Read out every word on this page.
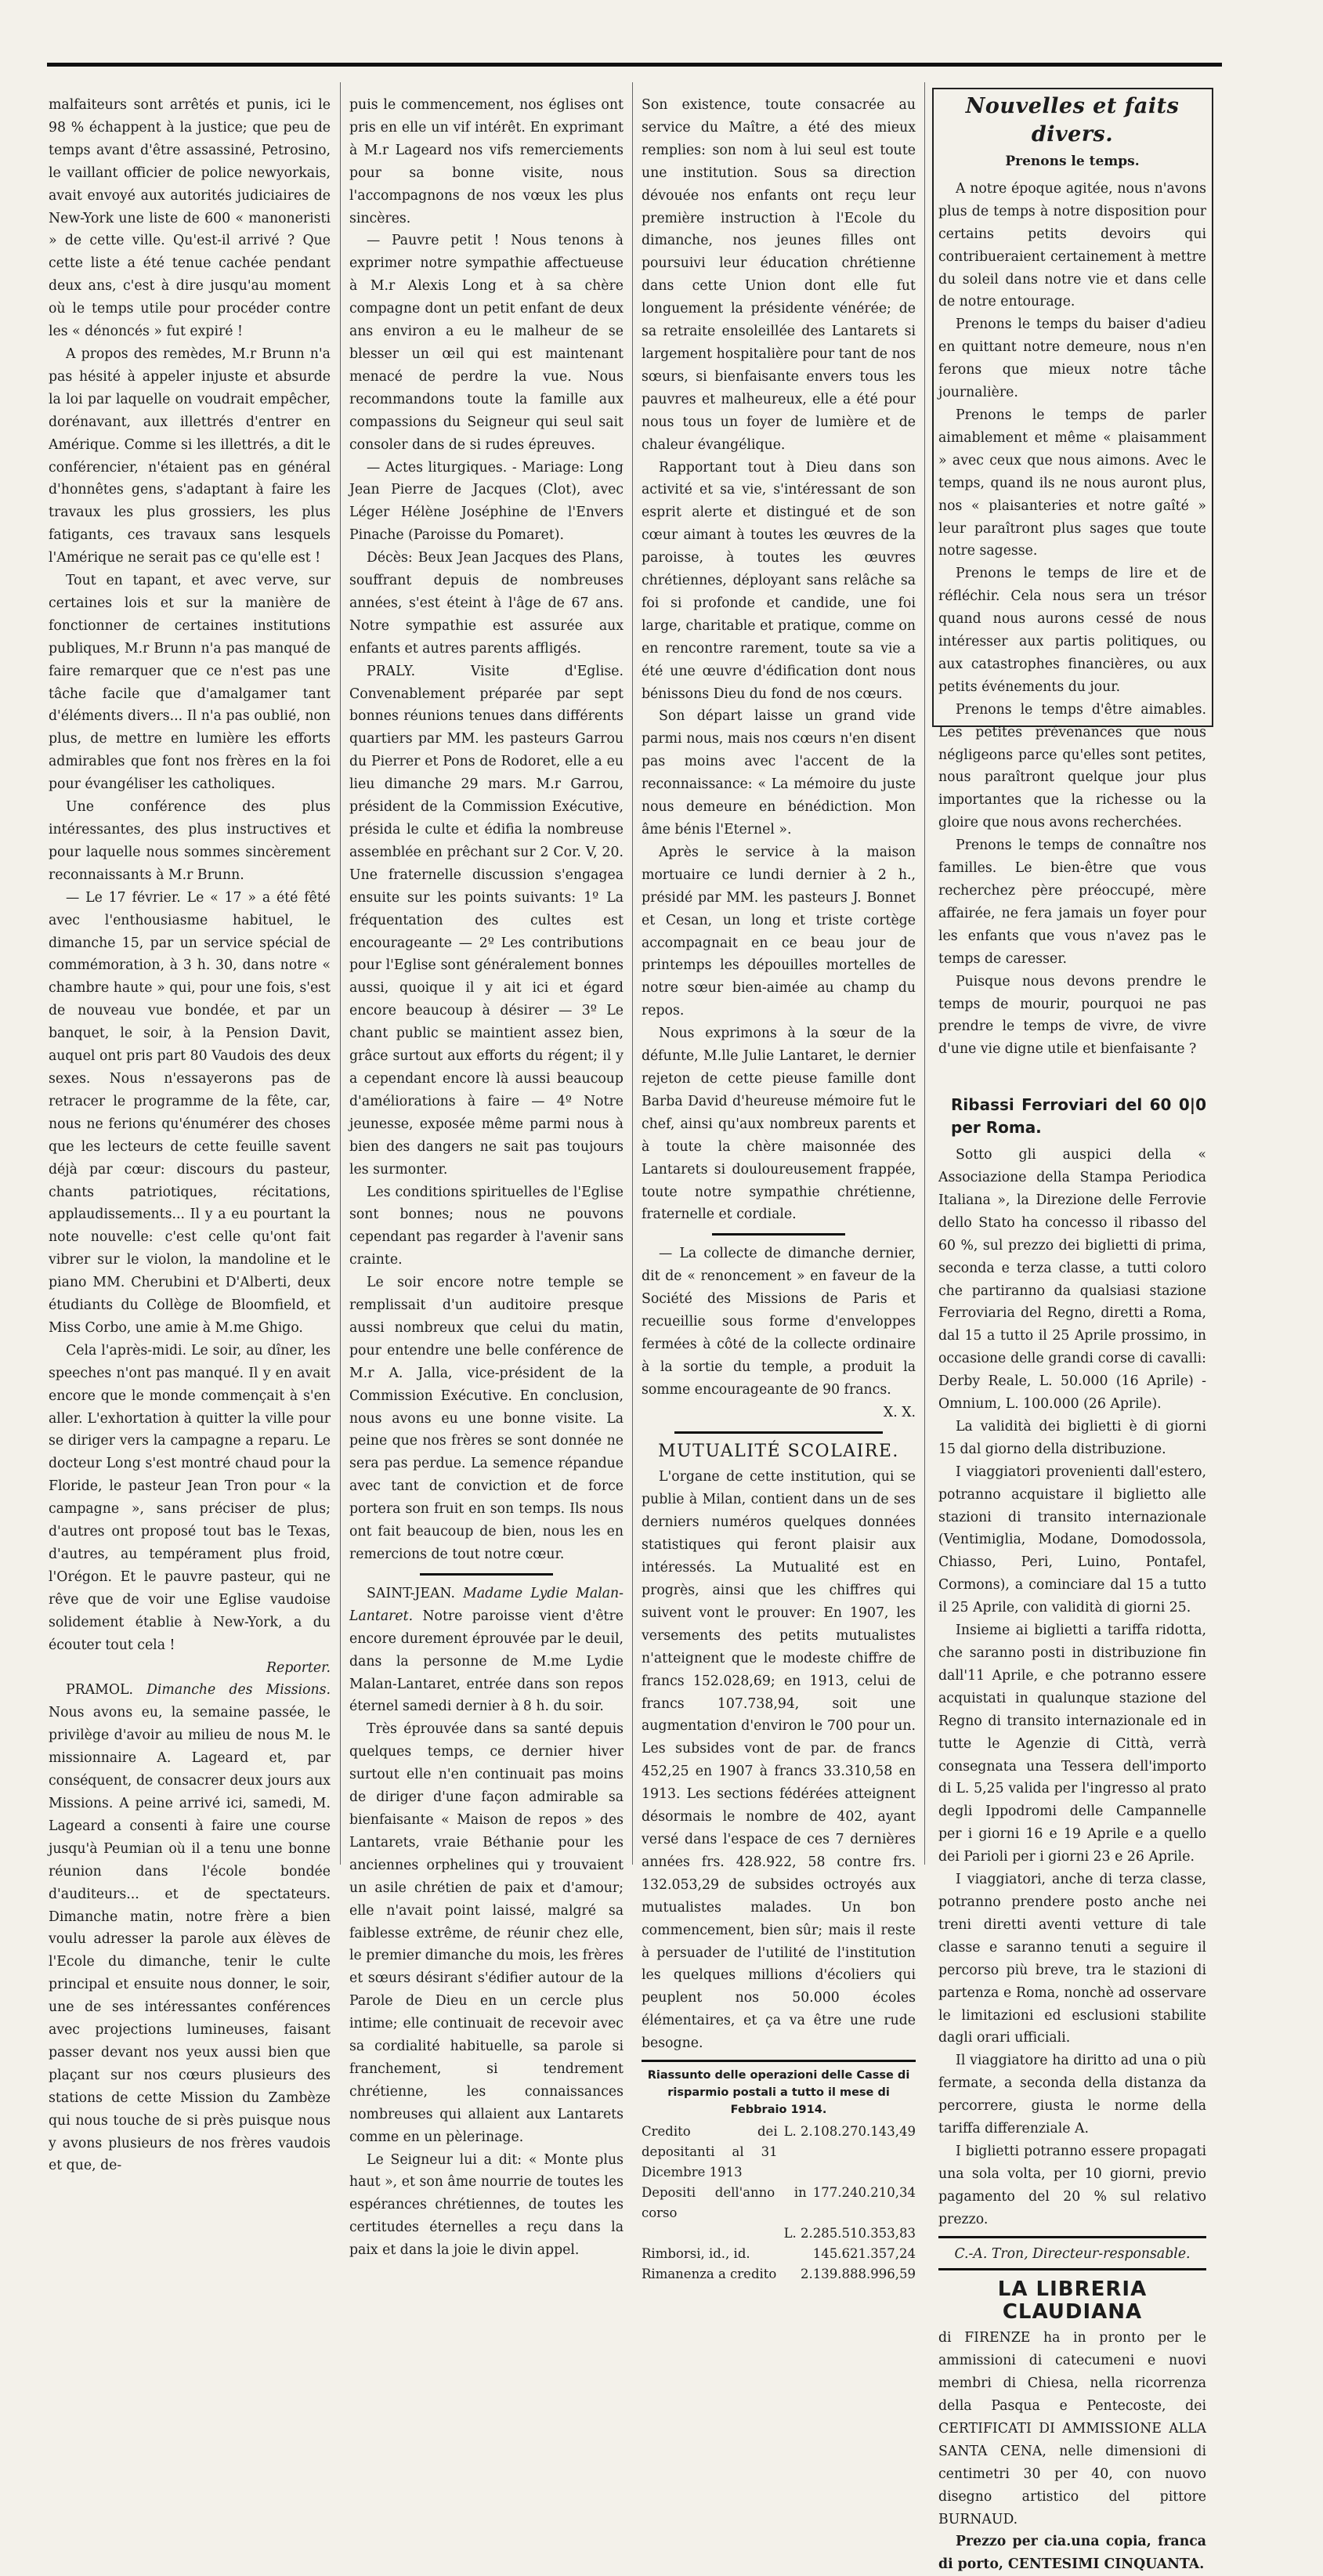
malfaiteurs sont arrêtés et punis, ici le 98 % échappent à la justice; que peu de temps avant d'être assassiné, Petrosino, le vaillant officier de police newyorkais, avait envoyé aux autorités judiciaires de New-York une liste de 600 « manoneristi » de cette ville. Qu'est-il arrivé ? Que cette liste a été tenue cachée pendant deux ans, c'est à dire jusqu'au moment où le temps utile pour procéder contre les « dénoncés » fut expiré !

A propos des remèdes, M.r Brunn n'a pas hésité à appeler injuste et absurde la loi par laquelle on voudrait empêcher, dorénavant, aux illettrés d'entrer en Amérique. Comme si les illettrés, a dit le conférencier, n'étaient pas en général d'honnêtes gens, s'adaptant à faire les travaux les plus grossiers, les plus fatigants, ces travaux sans lesquels l'Amérique ne serait pas ce qu'elle est !

Tout en tapant, et avec verve, sur certaines lois et sur la manière de fonctionner de certaines institutions publiques, M.r Brunn n'a pas manqué de faire remarquer que ce n'est pas une tâche facile que d'amalgamer tant d'éléments divers... Il n'a pas oublié, non plus, de mettre en lumière les efforts admirables que font nos frères en la foi pour évangéliser les catholiques.

Une conférence des plus intéressantes, des plus instructives et pour laquelle nous sommes sincèrement reconnaissants à M.r Brunn.

— Le 17 février. Le « 17 » a été fêté avec l'enthousiasme habituel, le dimanche 15, par un service spécial de commémoration, à 3 h. 30, dans notre « chambre haute » qui, pour une fois, s'est de nouveau vue bondée, et par un banquet, le soir, à la Pension Davit, auquel ont pris part 80 Vaudois des deux sexes. Nous n'essayerons pas de retracer le programme de la fête, car, nous ne ferions qu'énumérer des choses que les lecteurs de cette feuille savent déjà par cœur: discours du pasteur, chants patriotiques, récitations, applaudissements... Il y a eu pourtant la note nouvelle: c'est celle qu'ont fait vibrer sur le violon, la mandoline et le piano MM. Cherubini et D'Alberti, deux étudiants du Collège de Bloomfield, et Miss Corbo, une amie à M.me Ghigo.

Cela l'après-midi. Le soir, au dîner, les speeches n'ont pas manqué. Il y en avait encore que le monde commençait à s'en aller. L'exhortation à quitter la ville pour se diriger vers la campagne a reparu. Le docteur Long s'est montré chaud pour la Floride, le pasteur Jean Tron pour « la campagne », sans préciser de plus; d'autres ont proposé tout bas le Texas, d'autres, au tempérament plus froid, l'Orégon. Et le pauvre pasteur, qui ne rêve que de voir une Eglise vaudoise solidement établie à New-York, a du écouter tout cela !

Reporter.

PRAMOL. Dimanche des Missions. Nous avons eu, la semaine passée, le privilège d'avoir au milieu de nous M. le missionnaire A. Lageard et, par conséquent, de consacrer deux jours aux Missions. A peine arrivé ici, samedi, M. Lageard a consenti à faire une course jusqu'à Peumian où il a tenu une bonne réunion dans l'école bondée d'auditeurs... et de spectateurs. Dimanche matin, notre frère a bien voulu adresser la parole aux élèves de l'Ecole du dimanche, tenir le culte principal et ensuite nous donner, le soir, une de ses intéressantes conférences avec projections lumineuses, faisant passer devant nos yeux aussi bien que plaçant sur nos cœurs plusieurs des stations de cette Mission du Zambèze qui nous touche de si près puisque nous y avons plusieurs de nos frères vaudois et que, de-

puis le commencement, nos églises ont pris en elle un vif intérêt. En exprimant à M.r Lageard nos vifs remerciements pour sa bonne visite, nous l'accompagnons de nos vœux les plus sincères.

— Pauvre petit ! Nous tenons à exprimer notre sympathie affectueuse à M.r Alexis Long et à sa chère compagne dont un petit enfant de deux ans environ a eu le malheur de se blesser un œil qui est maintenant menacé de perdre la vue. Nous recommandons toute la famille aux compassions du Seigneur qui seul sait consoler dans de si rudes épreuves.

— Actes liturgiques. - Mariage: Long Jean Pierre de Jacques (Clot), avec Léger Hélène Joséphine de l'Envers Pinache (Paroisse du Pomaret).

Décès: Beux Jean Jacques des Plans, souffrant depuis de nombreuses années, s'est éteint à l'âge de 67 ans. Notre sympathie est assurée aux enfants et autres parents affligés.

PRALY. Visite d'Eglise. Convenablement préparée par sept bonnes réunions tenues dans différents quartiers par MM. les pasteurs Garrou du Pierrer et Pons de Rodoret, elle a eu lieu dimanche 29 mars. M.r Garrou, président de la Commission Exécutive, présida le culte et édifia la nombreuse assemblée en prêchant sur 2 Cor. V, 20. Une fraternelle discussion s'engagea ensuite sur les points suivants: 1º La fréquentation des cultes est encourageante — 2º Les contributions pour l'Eglise sont généralement bonnes aussi, quoique il y ait ici et égard encore beaucoup à désirer — 3º Le chant public se maintient assez bien, grâce surtout aux efforts du régent; il y a cependant encore là aussi beaucoup d'améliorations à faire — 4º Notre jeunesse, exposée même parmi nous à bien des dangers ne sait pas toujours les surmonter.

Les conditions spirituelles de l'Eglise sont bonnes; nous ne pouvons cependant pas regarder à l'avenir sans crainte.

Le soir encore notre temple se remplissait d'un auditoire presque aussi nombreux que celui du matin, pour entendre une belle conférence de M.r A. Jalla, vice-président de la Commission Exécutive. En conclusion, nous avons eu une bonne visite. La peine que nos frères se sont donnée ne sera pas perdue. La semence répandue avec tant de conviction et de force portera son fruit en son temps. Ils nous ont fait beaucoup de bien, nous les en remercions de tout notre cœur.

SAINT-JEAN. Madame Lydie Malan-Lantaret. Notre paroisse vient d'être encore durement éprouvée par le deuil, dans la personne de M.me Lydie Malan-Lantaret, entrée dans son repos éternel samedi dernier à 8 h. du soir.

Très éprouvée dans sa santé depuis quelques temps, ce dernier hiver surtout elle n'en continuait pas moins de diriger d'une façon admirable sa bienfaisante « Maison de repos » des Lantarets, vraie Béthanie pour les anciennes orphelines qui y trouvaient un asile chrétien de paix et d'amour; elle n'avait point laissé, malgré sa faiblesse extrême, de réunir chez elle, le premier dimanche du mois, les frères et sœurs désirant s'édifier autour de la Parole de Dieu en un cercle plus intime; elle continuait de recevoir avec sa cordialité habituelle, sa parole si franchement, si tendrement chrétienne, les connaissances nombreuses qui allaient aux Lantarets comme en un pèlerinage.

Le Seigneur lui a dit: « Monte plus haut », et son âme nourrie de toutes les espérances chrétiennes, de toutes les certitudes éternelles a reçu dans la paix et dans la joie le divin appel.

Son existence, toute consacrée au service du Maître, a été des mieux remplies: son nom à lui seul est toute une institution. Sous sa direction dévouée nos enfants ont reçu leur première instruction à l'Ecole du dimanche, nos jeunes filles ont poursuivi leur éducation chrétienne dans cette Union dont elle fut longuement la présidente vénérée; de sa retraite ensoleillée des Lantarets si largement hospitalière pour tant de nos sœurs, si bienfaisante envers tous les pauvres et malheureux, elle a été pour nous tous un foyer de lumière et de chaleur évangélique.

Rapportant tout à Dieu dans son activité et sa vie, s'intéressant de son esprit alerte et distingué et de son cœur aimant à toutes les œuvres de la paroisse, à toutes les œuvres chrétiennes, déployant sans relâche sa foi si profonde et candide, une foi large, charitable et pratique, comme on en rencontre rarement, toute sa vie a été une œuvre d'édification dont nous bénissons Dieu du fond de nos cœurs.

Son départ laisse un grand vide parmi nous, mais nos cœurs n'en disent pas moins avec l'accent de la reconnaissance: « La mémoire du juste nous demeure en bénédiction. Mon âme bénis l'Eternel ».

Après le service à la maison mortuaire ce lundi dernier à 2 h., présidé par MM. les pasteurs J. Bonnet et Cesan, un long et triste cortège accompagnait en ce beau jour de printemps les dépouilles mortelles de notre sœur bien-aimée au champ du repos.

Nous exprimons à la sœur de la défunte, M.lle Julie Lantaret, le dernier rejeton de cette pieuse famille dont Barba David d'heureuse mémoire fut le chef, ainsi qu'aux nombreux parents et à toute la chère maisonnée des Lantarets si douloureusement frappée, toute notre sympathie chrétienne, fraternelle et cordiale.

— La collecte de dimanche dernier, dit de « renoncement » en faveur de la Société des Missions de Paris et recueillie sous forme d'enveloppes fermées à côté de la collecte ordinaire à la sortie du temple, a produit la somme encourageante de 90 francs.

X. X.

MUTUALITÉ SCOLAIRE.

L'organe de cette institution, qui se publie à Milan, contient dans un de ses derniers numéros quelques données statistiques qui feront plaisir aux intéressés. La Mutualité est en progrès, ainsi que les chiffres qui suivent vont le prouver: En 1907, les versements des petits mutualistes n'atteignent que le modeste chiffre de francs 152.028,69; en 1913, celui de francs 107.738,94, soit une augmentation d'environ le 700 pour un. Les subsides vont de par. de francs 452,25 en 1907 à francs 33.310,58 en 1913. Les sections fédérées atteignent désormais le nombre de 402, ayant versé dans l'espace de ces 7 dernières années frs. 428.922, 58 contre frs. 132.053,29 de subsides octroyés aux mutualistes malades. Un bon commencement, bien sûr; mais il reste à persuader de l'utilité de l'institution les quelques millions d'écoliers qui peuplent nos 50.000 écoles élémentaires, et ça va être une rude besogne.

Riassunto delle operazioni delle Casse di risparmio postali a tutto il mese di Febbraio 1914.
Credito dei depositanti al 31 Dicembre 1913
L. 2.108.270.143,49
Depositi dell'anno in corso
177.240.210,34
L. 2.285.510.353,83
Rimborsi, id., id.	145.621.357,24
Rimanenza a credito	2.139.888.996,59
Nouvelles et faits divers.
Prenons le temps.

A notre époque agitée, nous n'avons plus de temps à notre disposition pour certains petits devoirs qui contribueraient certainement à mettre du soleil dans notre vie et dans celle de notre entourage.

Prenons le temps du baiser d'adieu en quittant notre demeure, nous n'en ferons que mieux notre tâche journalière.

Prenons le temps de parler aimablement et même « plaisamment » avec ceux que nous aimons. Avec le temps, quand ils ne nous auront plus, nos « plaisanteries et notre gaîté » leur paraîtront plus sages que toute notre sagesse.

Prenons le temps de lire et de réfléchir. Cela nous sera un trésor quand nous aurons cessé de nous intéresser aux partis politiques, ou aux catastrophes financières, ou aux petits événements du jour.

Prenons le temps d'être aimables. Les petites prévenances que nous négligeons parce qu'elles sont petites, nous paraîtront quelque jour plus importantes que la richesse ou la gloire que nous avons recherchées.

Prenons le temps de connaître nos familles. Le bien-être que vous recherchez père préoccupé, mère affairée, ne fera jamais un foyer pour les enfants que vous n'avez pas le temps de caresser.

Puisque nous devons prendre le temps de mourir, pourquoi ne pas prendre le temps de vivre, de vivre d'une vie digne utile et bienfaisante ?

Ribassi Ferroviari del 60 0|0 per Roma.

Sotto gli auspici della « Associazione della Stampa Periodica Italiana », la Direzione delle Ferrovie dello Stato ha concesso il ribasso del 60 %, sul prezzo dei biglietti di prima, seconda e terza classe, a tutti coloro che partiranno da qualsiasi stazione Ferroviaria del Regno, diretti a Roma, dal 15 a tutto il 25 Aprile prossimo, in occasione delle grandi corse di cavalli: Derby Reale, L. 50.000 (16 Aprile) - Omnium, L. 100.000 (26 Aprile).

La validità dei biglietti è di giorni 15 dal giorno della distribuzione.

I viaggiatori provenienti dall'estero, potranno acquistare il biglietto alle stazioni di transito internazionale (Ventimiglia, Modane, Domodossola, Chiasso, Peri, Luino, Pontafel, Cormons), a cominciare dal 15 a tutto il 25 Aprile, con validità di giorni 25.

Insieme ai biglietti a tariffa ridotta, che saranno posti in distribuzione fin dall'11 Aprile, e che potranno essere acquistati in qualunque stazione del Regno di transito internazionale ed in tutte le Agenzie di Città, verrà consegnata una Tessera dell'importo di L. 5,25 valida per l'ingresso al prato degli Ippodromi delle Campannelle per i giorni 16 e 19 Aprile e a quello dei Parioli per i giorni 23 e 26 Aprile.

I viaggiatori, anche di terza classe, potranno prendere posto anche nei treni diretti aventi vetture di tale classe e saranno tenuti a seguire il percorso più breve, tra le stazioni di partenza e Roma, nonchè ad osservare le limitazioni ed esclusioni stabilite dagli orari ufficiali.

Il viaggiatore ha diritto ad una o più fermate, a seconda della distanza da percorrere, giusta le norme della tariffa differenziale A.

I biglietti potranno essere propagati una sola volta, per 10 giorni, previo pagamento del 20 % sul relativo prezzo.

C.-A. Tron, Directeur-responsable.
LA LIBRERIA CLAUDIANA

di FIRENZE ha in pronto per le ammissioni di catecumeni e nuovi membri di Chiesa, nella ricorrenza della Pasqua e Pentecoste, dei CERTIFICATI DI AMMISSIONE ALLA SANTA CENA, nelle dimensioni di centimetri 30 per 40, con nuovo disegno artistico del pittore BURNAUD.

Prezzo per cia.una copia, franca di porto, CENTESIMI CINQUANTA.
